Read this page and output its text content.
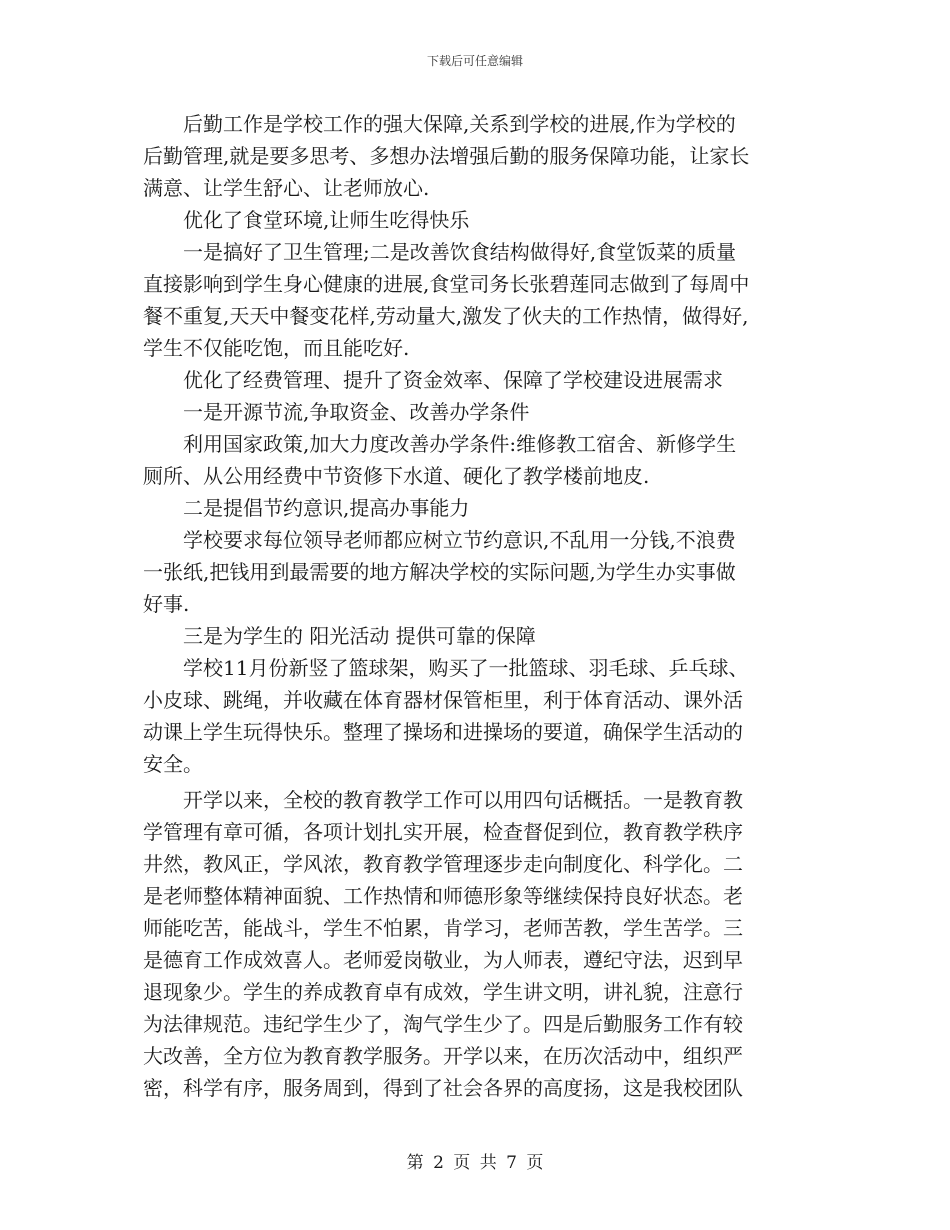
下载后可任意编辑
　　后勤工作是学校工作的强大保障,关系到学校的进展,作为学校的
后勤管理,就是要多思考、多想办法增强后勤的服务保障功能，让家长
满意、让学生舒心、让老师放心.
　　优化了食堂环境,让师生吃得快乐
　　一是搞好了卫生管理;二是改善饮食结构做得好,食堂饭菜的质量
直接影响到学生身心健康的进展,食堂司务长张碧莲同志做到了每周中
餐不重复,天天中餐变花样,劳动量大,激发了伙夫的工作热情，做得好,
学生不仅能吃饱，而且能吃好.
　　优化了经费管理、提升了资金效率、保障了学校建设进展需求
　　一是开源节流,争取资金、改善办学条件
　　利用国家政策,加大力度改善办学条件:维修教工宿舍、新修学生
厕所、从公用经费中节资修下水道、硬化了教学楼前地皮.
　　二是提倡节约意识,提高办事能力
　　学校要求每位领导老师都应树立节约意识,不乱用一分钱,不浪费
一张纸,把钱用到最需要的地方解决学校的实际问题,为学生办实事做
好事.
　　三是为学生的 阳光活动 提供可靠的保障
　　学校11月份新竖了篮球架，购买了一批篮球、羽毛球、乒乓球、
小皮球、跳绳，并收藏在体育器材保管柜里，利于体育活动、课外活
动课上学生玩得快乐。整理了操场和进操场的要道，确保学生活动的
安全。
　　开学以来，全校的教育教学工作可以用四句话概括。一是教育教
学管理有章可循，各项计划扎实开展，检查督促到位，教育教学秩序
井然，教风正，学风浓，教育教学管理逐步走向制度化、科学化。二
是老师整体精神面貌、工作热情和师德形象等继续保持良好状态。老
师能吃苦，能战斗，学生不怕累，肯学习，老师苦教，学生苦学。三
是德育工作成效喜人。老师爱岗敬业，为人师表，遵纪守法，迟到早
退现象少。学生的养成教育卓有成效，学生讲文明，讲礼貌，注意行
为法律规范。违纪学生少了，淘气学生少了。四是后勤服务工作有较
大改善，全方位为教育教学服务。开学以来，在历次活动中，组织严
密，科学有序，服务周到，得到了社会各界的高度扬，这是我校团队
第 2 页 共 7 页
